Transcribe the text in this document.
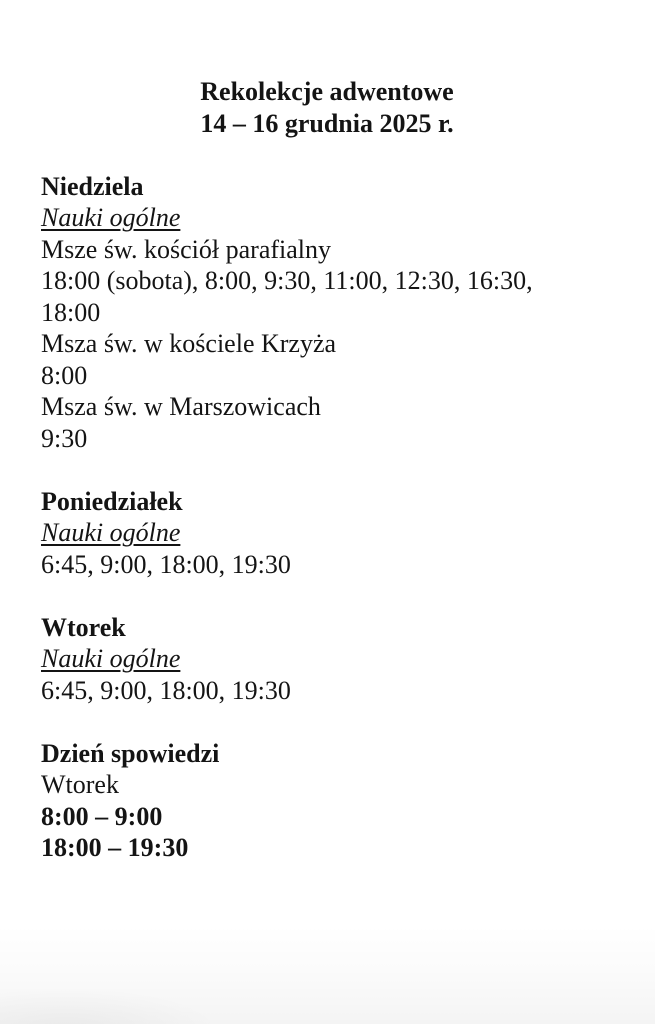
Rekolekcje adwentowe
14 – 16 grudnia 2025 r.
Niedziela
Nauki ogólne
Msze św. kościół parafialny
18:00 (sobota), 8:00, 9:30, 11:00, 12:30, 16:30,
18:00
Msza św. w kościele Krzyża
8:00
Msza św. w Marszowicach
9:30
Poniedziałek
Nauki ogólne
6:45, 9:00, 18:00, 19:30
Wtorek
Nauki ogólne
6:45, 9:00, 18:00, 19:30
Dzień spowiedzi
Wtorek
8:00 – 9:00
18:00 – 19:30
